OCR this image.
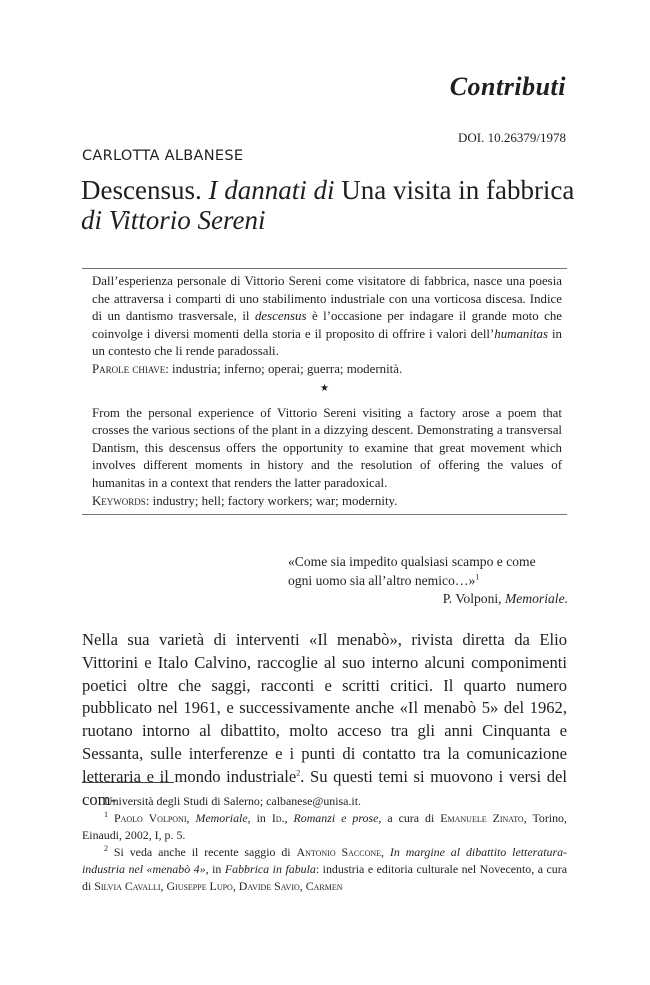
Contributi
DOI. 10.26379/1978
CARLOTTA ALBANESE
Descensus. I dannati di Una visita in fabbrica
di Vittorio Sereni

Dall’esperienza personale di Vittorio Sereni come visitatore di fabbrica, nasce una poesia che attraversa i comparti di uno stabilimento industriale con una vorticosa discesa. Indice di un dantismo trasversale, il descensus è l’occasione per indagare il grande moto che coinvolge i diversi momenti della storia e il proposito di offrire i valori dell’humanitas in un contesto che li rende paradossali.

Parole chiave: industria; inferno; operai; guerra; modernità.

★

From the personal experience of Vittorio Sereni visiting a factory arose a poem that crosses the various sections of the plant in a dizzying descent. Demonstrating a transversal Dantism, this descensus offers the opportunity to examine that great movement which involves different moments in history and the resolution of offering the values of humanitas in a context that renders the latter paradoxical.

Keywords: industry; hell; factory workers; war; modernity.

«Come sia impedito qualsiasi scampo e come
ogni uomo sia all’altro nemico…»$^1$
P. Volponi, Memoriale.

Nella sua varietà di interventi «Il menabò», rivista diretta da Elio Vittorini e Italo Calvino, raccoglie al suo interno alcuni componimenti poetici oltre che saggi, racconti e scritti critici. Il quarto numero pubblicato nel 1961, e successivamente anche «Il menabò 5» del 1962, ruotano intorno al dibattito, molto acceso tra gli anni Cinquanta e Sessanta, sulle interferenze e i punti di contatto tra la comunicazione letteraria e il mondo industriale$^2$. Su questi temi si muovono i versi del com-

Università degli Studi di Salerno; calbanese@unisa.it.

$^1$ Paolo Volponi, Memoriale, in Id., Romanzi e prose, a cura di Emanuele Zinato, Torino, Einaudi, 2002, I, p. 5.

$^2$ Si veda anche il recente saggio di Antonio Saccone, In margine al dibattito letteratura-industria nel «menabò 4», in Fabbrica in fabula: industria e editoria culturale nel Novecento, a cura di Silvia Cavalli, Giuseppe Lupo, Davide Savio, Carmen
